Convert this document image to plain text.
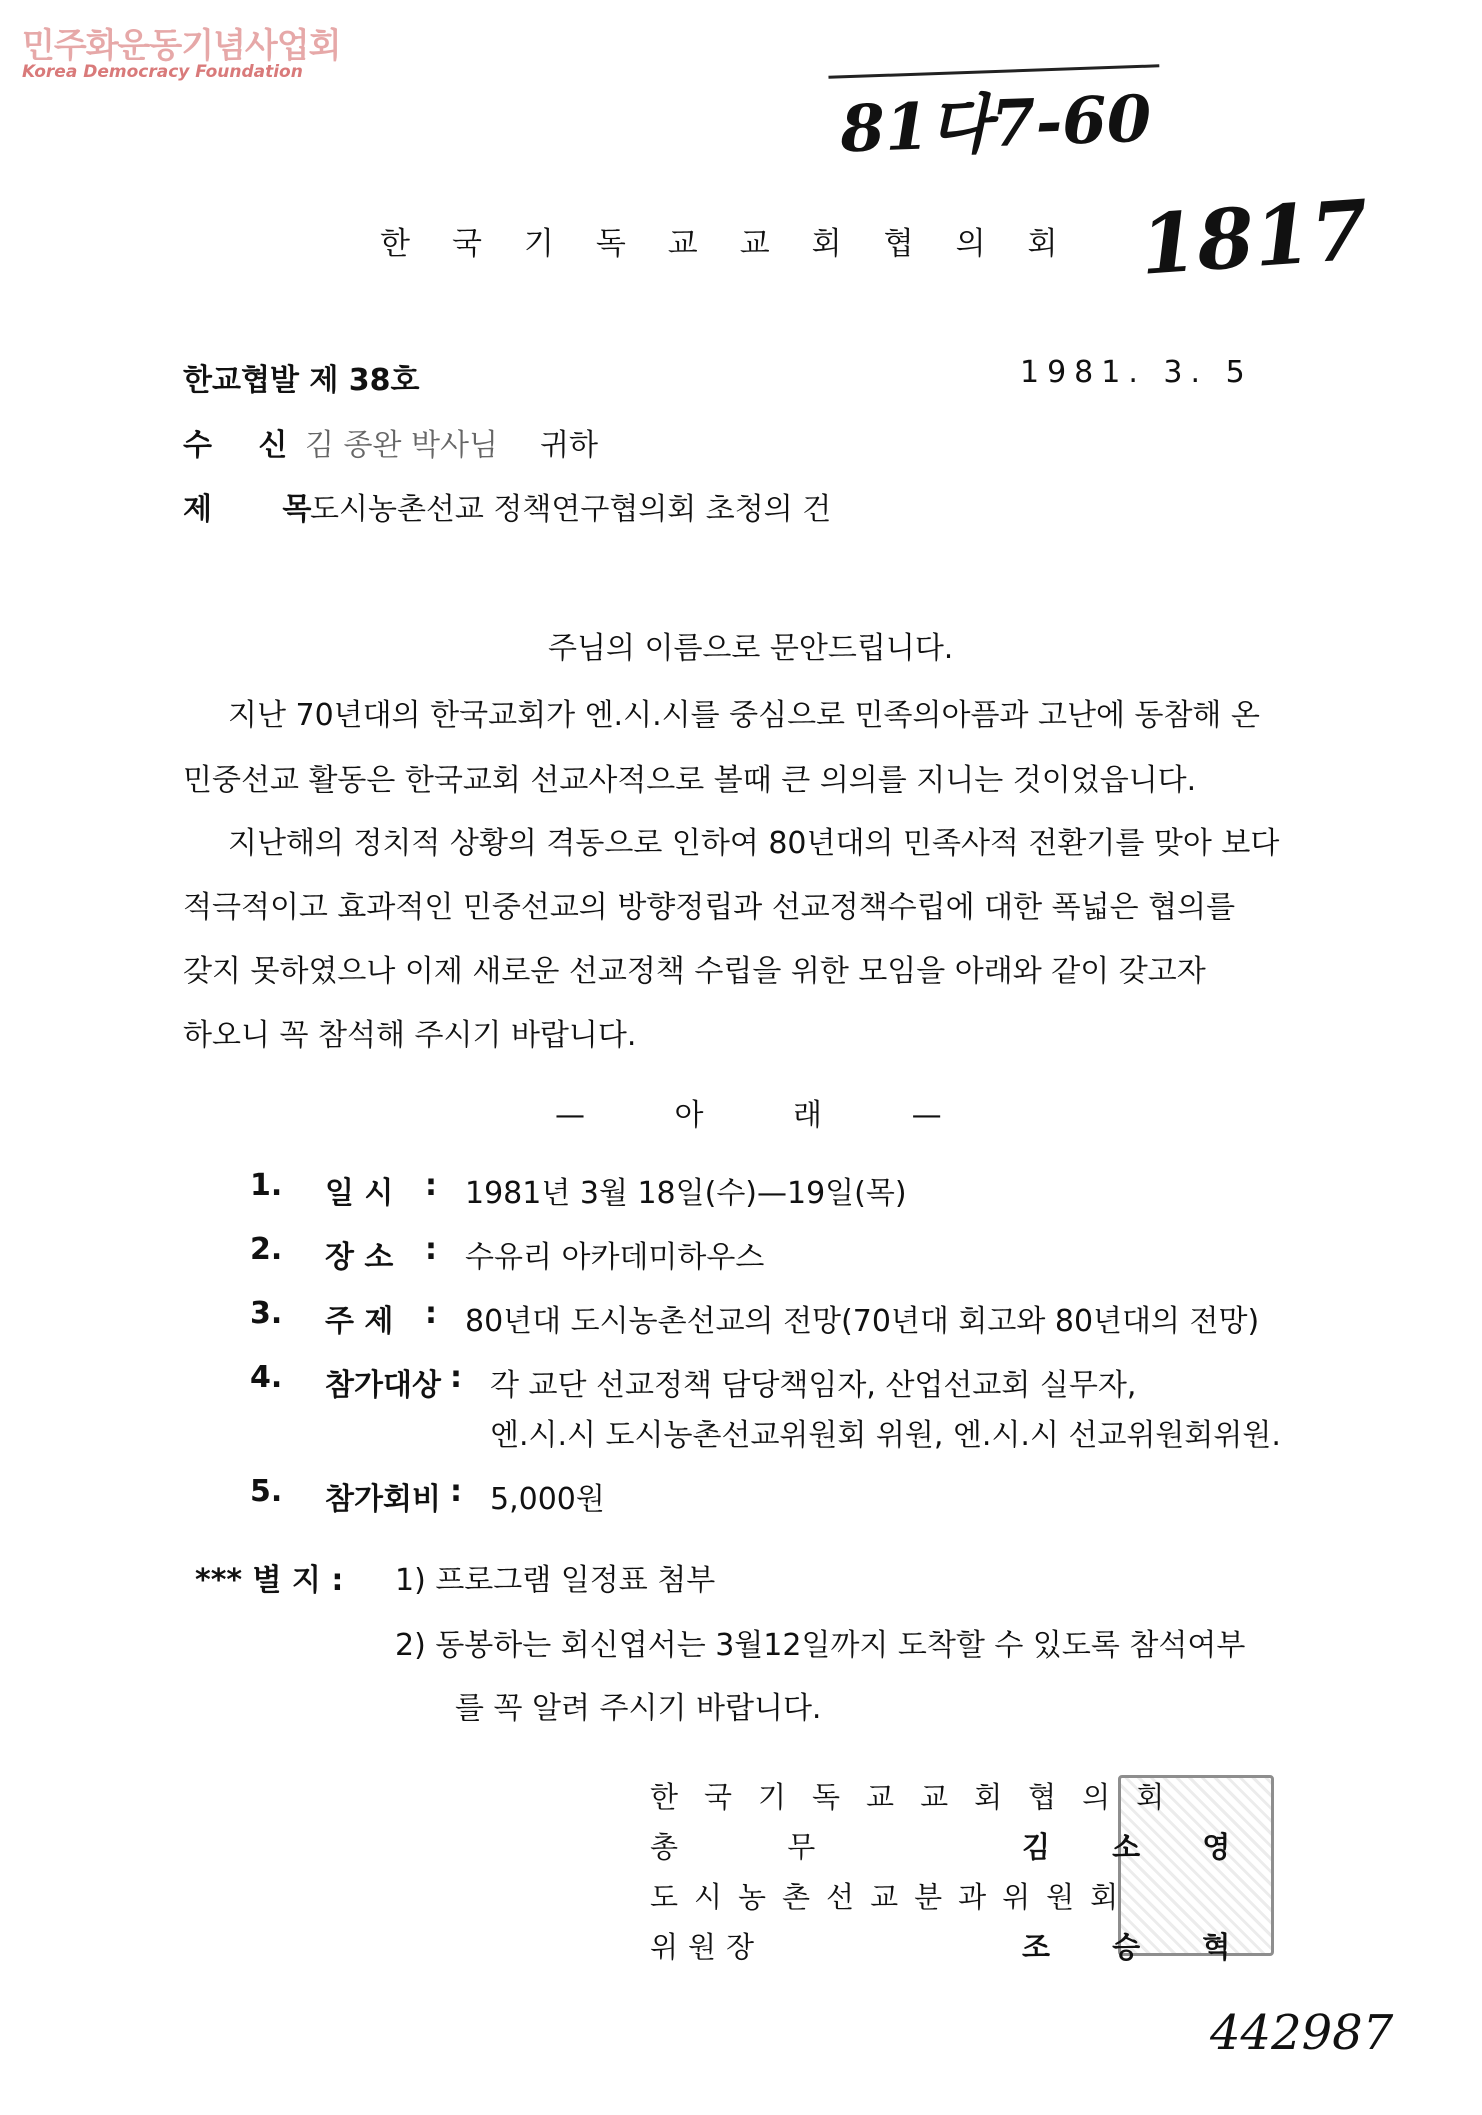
민주화운동기념사업회
Korea Democracy Foundation
81다7-60
1817
한국기독교교회협의회
한교협발 제 38호	1981. 3. 5
수 신 김 종완 박사님 귀하
제 목
도시농촌선교 정책연구협의회 초청의 건
주님의 이름으로 문안드립니다.
지난 70년대의 한국교회가 엔.시.시를 중심으로 민족의아픔과 고난에 동참해 온
민중선교 활동은 한국교회 선교사적으로 볼때 큰 의의를 지니는 것이었읍니다.
지난해의 정치적 상황의 격동으로 인하여 80년대의 민족사적 전환기를 맞아 보다
적극적이고 효과적인 민중선교의 방향정립과 선교정책수립에 대한 폭넓은 협의를
갖지 못하였으나 이제 새로운 선교정책 수립을 위한 모임을 아래와 같이 갖고자
하오니 꼭 참석해 주시기 바랍니다.
— 아 래 —
1. 일 시 : 1981년 3월 18일(수)—19일(목)
2. 장 소 : 수유리 아카데미하우스
3. 주 제 : 80년대 도시농촌선교의 전망(70년대 회고와 80년대의 전망)
4. 참가대상 : 각 교단 선교정책 담당책임자, 산업선교회 실무자,
엔.시.시 도시농촌선교위원회 위원, 엔.시.시 선교위원회위원.
5. 참가회비 : 5,000원
*** 별 지 : 1) 프로그램 일정표 첨부
2) 동봉하는 회신엽서는 3월12일까지 도착할 수 있도록 참석여부
를 꼭 알려 주시기 바랍니다.
한국기독교교회협의회
총 무	김 소 영
도시농촌선교분과위원회
위원장	조 승 혁
442987
